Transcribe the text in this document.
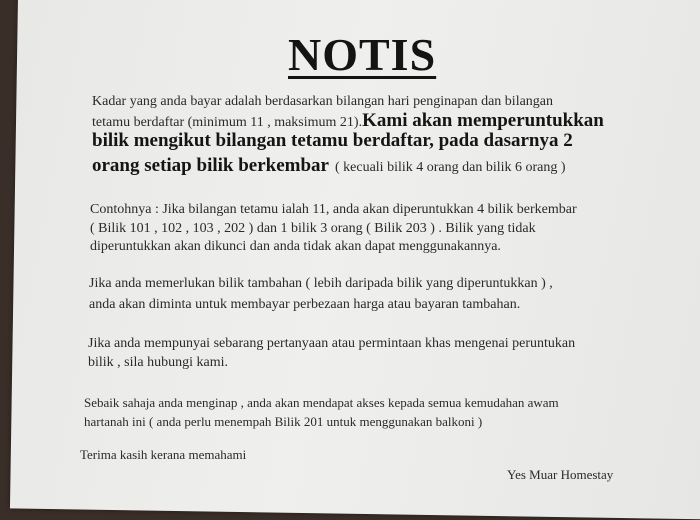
NOTIS
Kadar yang anda bayar adalah berdasarkan bilangan hari penginapan dan bilangan
tetamu berdaftar (minimum 11 , maksimum 21).Kami akan memperuntukkan
bilik mengikut bilangan tetamu berdaftar, pada dasarnya 2
orang setiap bilik berkembar ( kecuali bilik 4 orang dan bilik 6 orang )
Contohnya : Jika bilangan tetamu ialah 11, anda akan diperuntukkan 4 bilik berkembar
( Bilik 101 , 102 , 103 , 202 ) dan 1 bilik 3 orang ( Bilik 203 ) . Bilik yang tidak
diperuntukkan akan dikunci dan anda tidak akan dapat menggunakannya.
Jika anda memerlukan bilik tambahan ( lebih daripada bilik yang diperuntukkan ) ,
anda akan diminta untuk membayar perbezaan harga atau bayaran tambahan.
Jika anda mempunyai sebarang pertanyaan atau permintaan khas mengenai peruntukan
bilik , sila hubungi kami.
Sebaik sahaja anda menginap , anda akan mendapat akses kepada semua kemudahan awam
hartanah ini ( anda perlu menempah Bilik 201 untuk menggunakan balkoni )
Terima kasih kerana memahami
Yes Muar Homestay
